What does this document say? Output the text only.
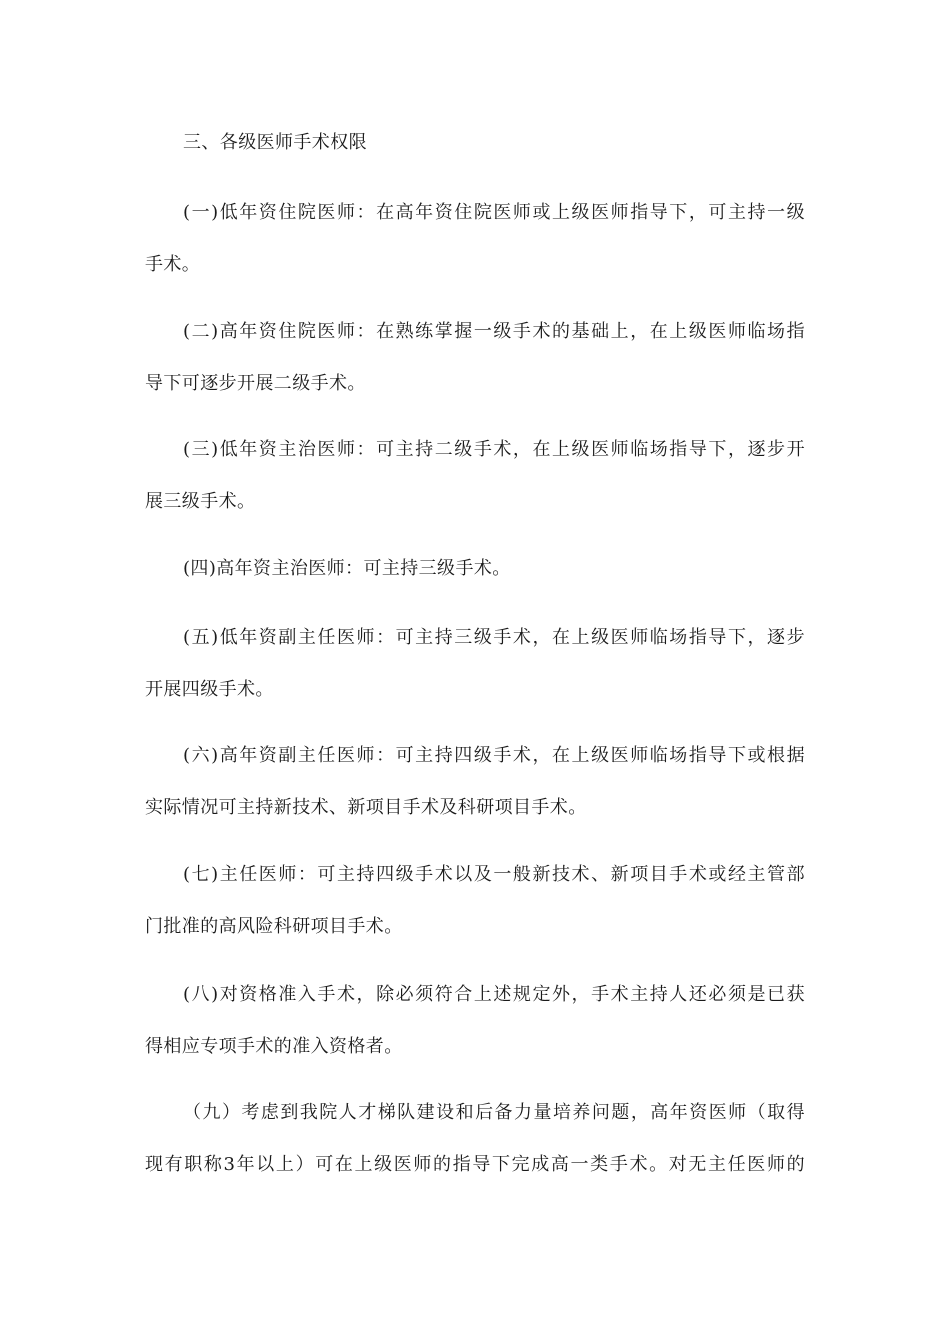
三、各级医师手术权限
(一)低年资住院医师：在高年资住院医师或上级医师指导下，可主持一级
手术。
(二)高年资住院医师：在熟练掌握一级手术的基础上，在上级医师临场指
导下可逐步开展二级手术。
(三)低年资主治医师：可主持二级手术，在上级医师临场指导下，逐步开
展三级手术。
(四)高年资主治医师：可主持三级手术。
(五)低年资副主任医师：可主持三级手术，在上级医师临场指导下，逐步
开展四级手术。
(六)高年资副主任医师：可主持四级手术，在上级医师临场指导下或根据
实际情况可主持新技术、新项目手术及科研项目手术。
(七)主任医师：可主持四级手术以及一般新技术、新项目手术或经主管部
门批准的高风险科研项目手术。
(八)对资格准入手术，除必须符合上述规定外，手术主持人还必须是已获
得相应专项手术的准入资格者。
（九）考虑到我院人才梯队建设和后备力量培养问题，高年资医师（取得
现有职称3年以上）可在上级医师的指导下完成高一类手术。对无主任医师的
